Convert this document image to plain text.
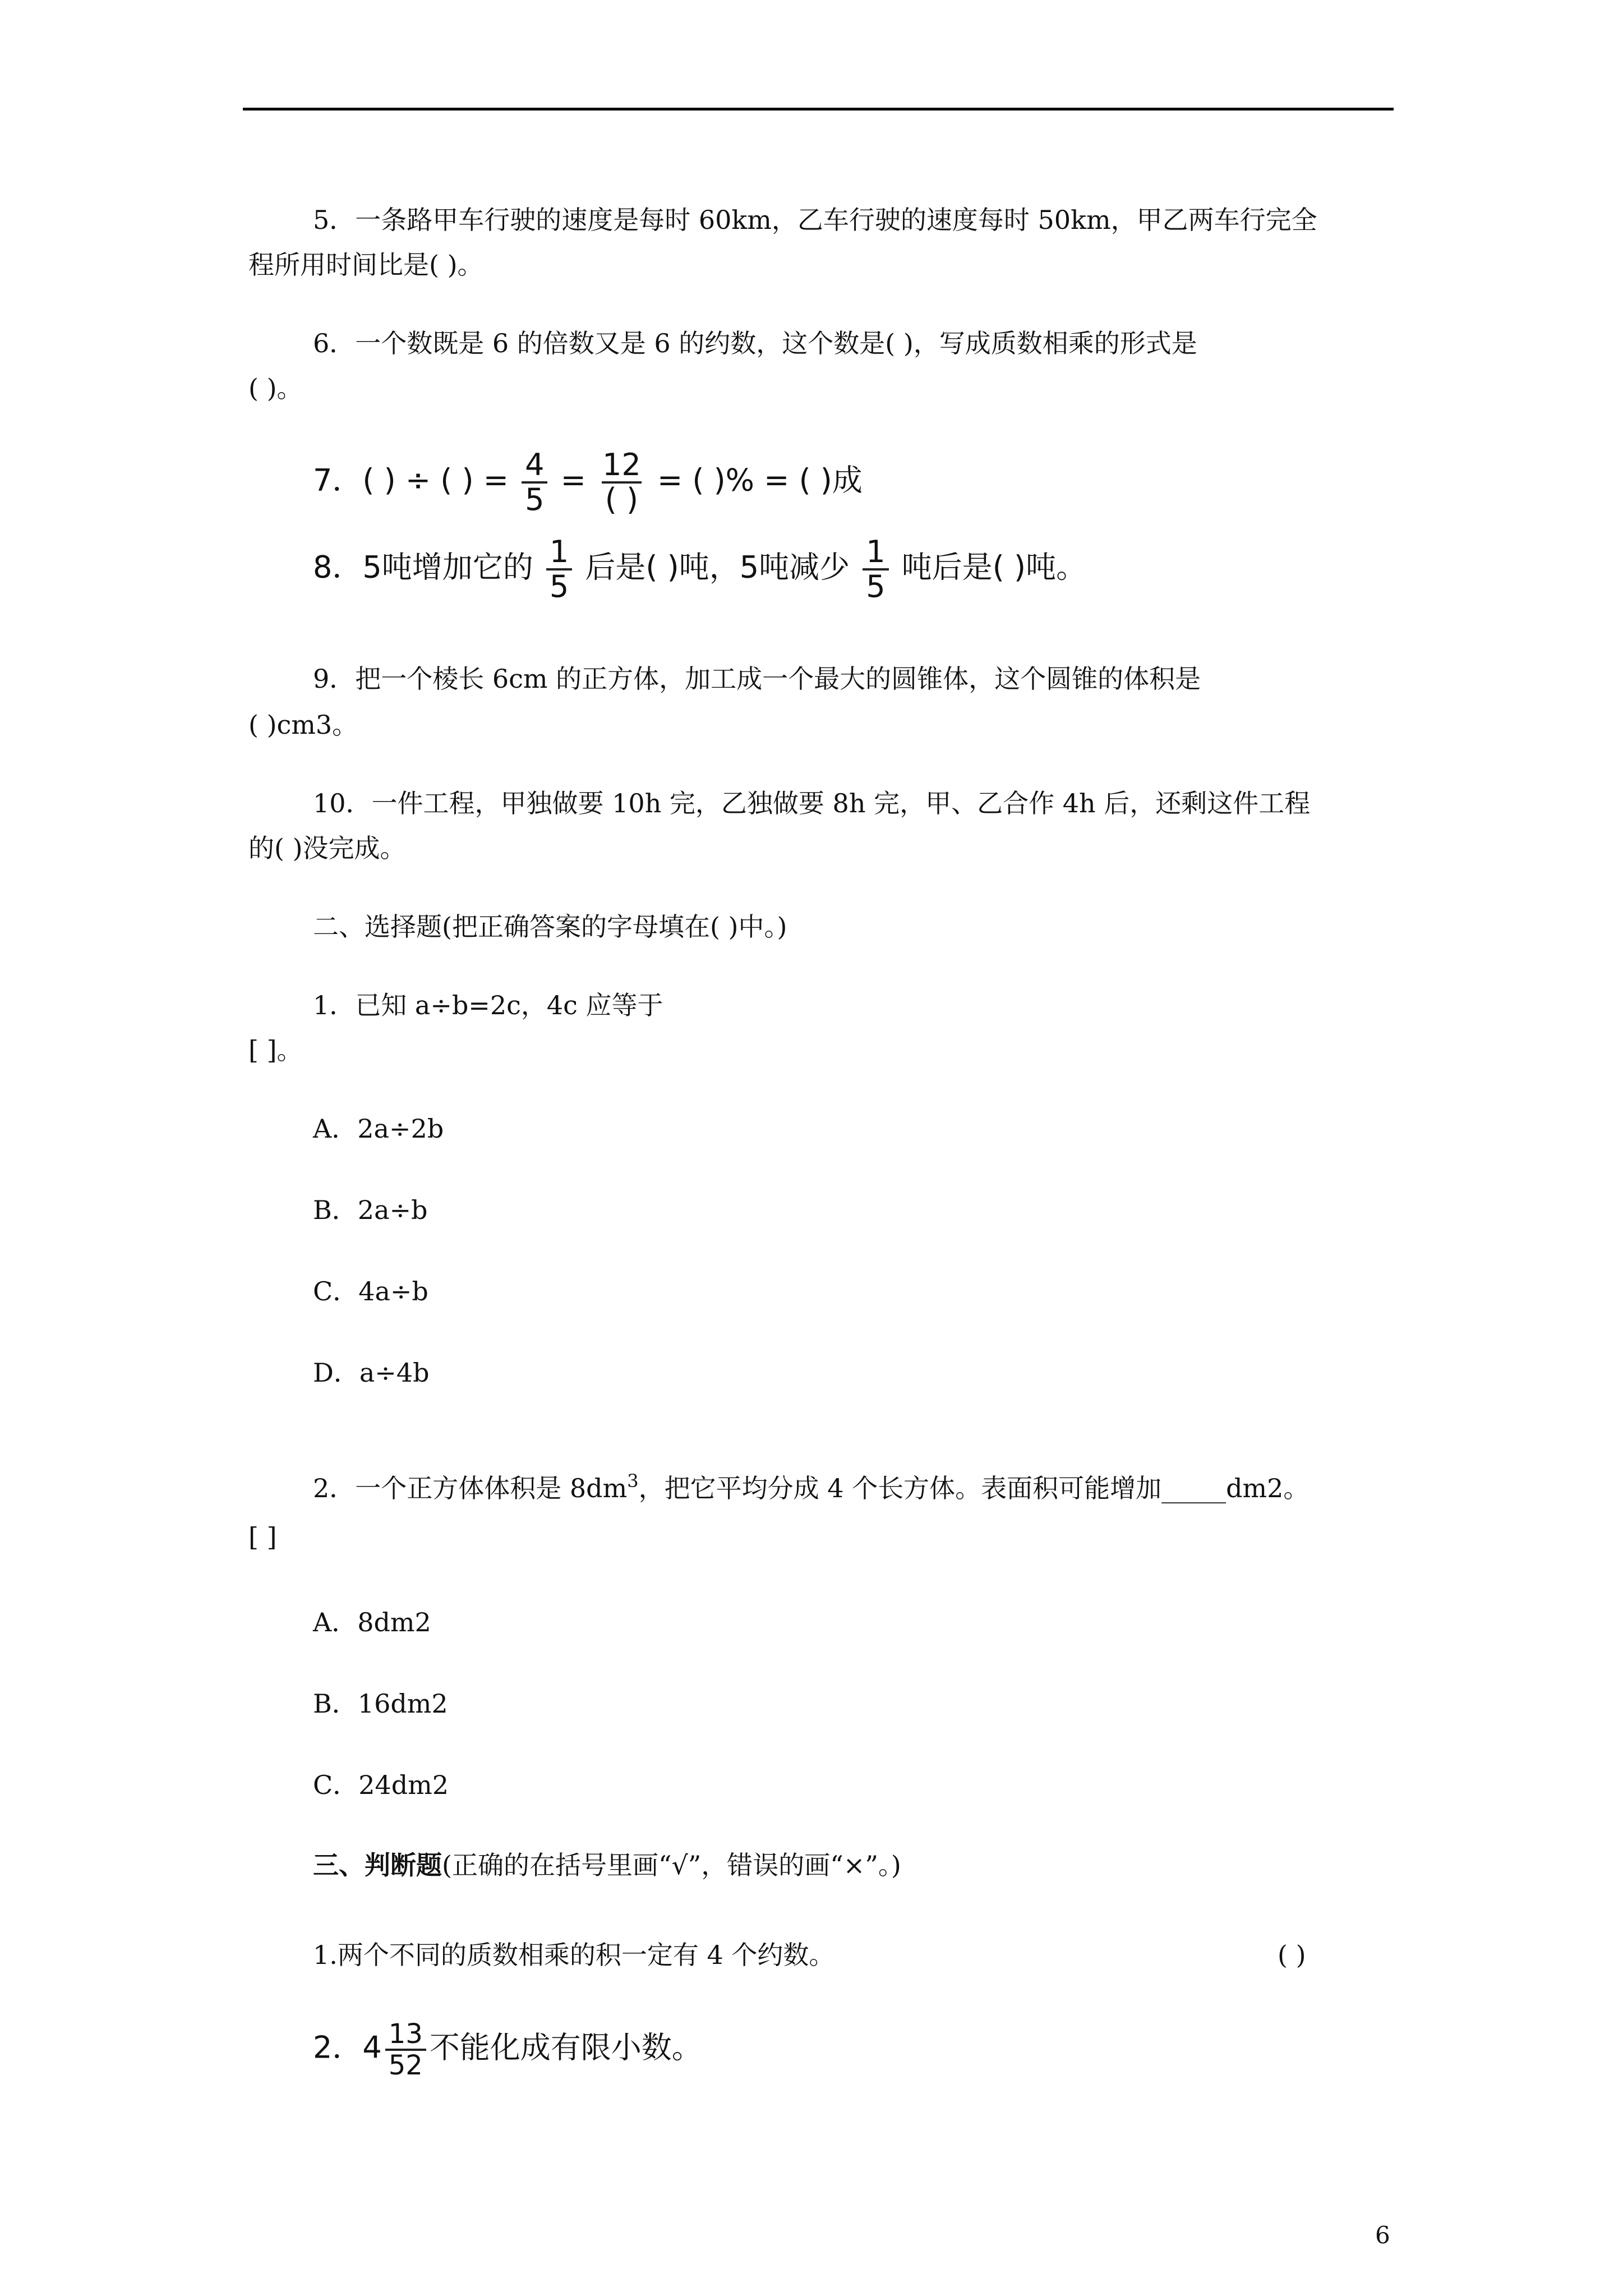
5．一条路甲车行驶的速度是每时 60km，乙车行驶的速度每时 50km，甲乙两车行完全
程所用时间比是( )。
6．一个数既是 6 的倍数又是 6 的约数，这个数是( )，写成质数相乘的形式是
( )。
7．( ) ÷ ( ) = $\frac{4}{5} = \frac{12}{( )}$ = ( )% = ( )成
8．5吨增加它的 $\frac{1}{5}$ 后是( )吨，5吨减少 $\frac{1}{5}$ 吨后是( )吨。
9．把一个棱长 6cm 的正方体，加工成一个最大的圆锥体，这个圆锥的体积是
( )cm3。
10．一件工程，甲独做要 10h 完，乙独做要 8h 完，甲、乙合作 4h 后，还剩这件工程
的( )没完成。
二、选择题(把正确答案的字母填在( )中。)
1．已知 a÷b=2c，4c 应等于
[ ]。
A．2a÷2b
B．2a÷b
C．4a÷b
D．a÷4b
2．一个正方体体积是 $8dm^3$，把它平均分成 4 个长方体。表面积可能增加_____dm2。
[ ]
A．8dm2
B．16dm2
C．24dm2
三、判断题(正确的在括号里画“√”，错误的画“×”。)
1.两个不同的质数相乘的积一定有 4 个约数。	( )
2．$4 \frac{13}{52}$ 不能化成有限小数。
6
